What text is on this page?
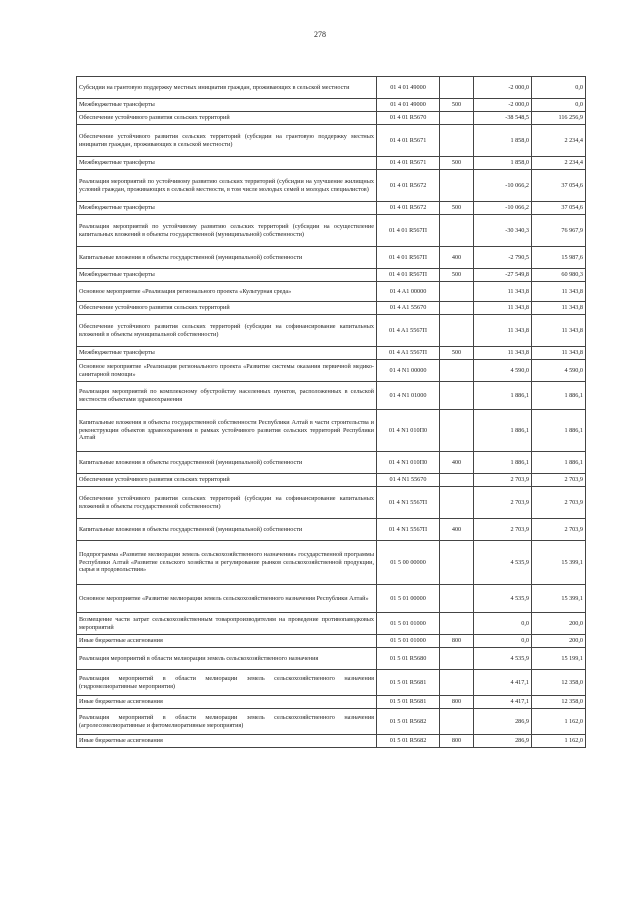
278
Субсидии на грантовую поддержку местных инициатив граждан, проживающих в сельской местности	01 4 01 49000		-2 000,0	0,0
Межбюджетные трансферты	01 4 01 49000	500	-2 000,0	0,0
Обеспечение устойчивого развития сельских территорий	01 4 01 R5670		-38 548,5	116 256,9
Обеспечение устойчивого развития сельских территорий (субсидии на грантовую поддержку местных инициатив граждан, проживающих в сельской местности)	01 4 01 R5671		1 858,0	2 234,4
Межбюджетные трансферты	01 4 01 R5671	500	1 858,0	2 234,4
Реализация мероприятий по устойчивому развитию сельских территорий (субсидии на улучшение жилищных условий граждан, проживающих в сельской местности, в том числе молодых семей и молодых специалистов)	01 4 01 R5672		-10 066,2	37 054,6
Межбюджетные трансферты	01 4 01 R5672	500	-10 066,2	37 054,6
Реализация мероприятий по устойчивому развитию сельских территорий (субсидии на осуществление капитальных вложений в объекты государственной (муниципальной) собственности)	01 4 01 R567П		-30 340,3	76 967,9
Капитальные вложения в объекты государственной (муниципальной) собственности	01 4 01 R567П	400	-2 790,5	15 987,6
Межбюджетные трансферты	01 4 01 R567П	500	-27 549,8	60 980,3
Основное мероприятие «Реализация регионального проекта «Культурная среда»	01 4 A1 00000		11 343,8	11 343,8
Обеспечение устойчивого развития сельских территорий	01 4 A1 55670		11 343,8	11 343,8
Обеспечение устойчивого развития сельских территорий (субсидии на софинансирование капитальных вложений в объекты муниципальной собственности)	01 4 A1 5567П		11 343,8	11 343,8
Межбюджетные трансферты	01 4 A1 5567П	500	11 343,8	11 343,8
Основное мероприятие «Реализация регионального проекта «Развитие системы оказания первичной медико-санитарной помощи»	01 4 N1 00000		4 590,0	4 590,0
Реализация мероприятий по комплексному обустройству населенных пунктов, расположенных в сельской местности объектами здравоохранения	01 4 N1 01000		1 886,1	1 886,1
Капитальные вложения в объекты государственной собственности Республики Алтай в части строительства и реконструкции объектов здравоохранения в рамках устойчивого развития сельских территорий Республики Алтай	01 4 N1 010П0		1 886,1	1 886,1
Капитальные вложения в объекты государственной (муниципальной) собственности	01 4 N1 010П0	400	1 886,1	1 886,1
Обеспечение устойчивого развития сельских территорий	01 4 N1 55670		2 703,9	2 703,9
Обеспечение устойчивого развития сельских территорий (субсидии на софинансирование капитальных вложений в объекты государственной собственности)	01 4 N1 5567П		2 703,9	2 703,9
Капитальные вложения в объекты государственной (муниципальной) собственности	01 4 N1 5567П	400	2 703,9	2 703,9
Подпрограмма «Развитие мелиорации земель сельскохозяйственного назначения» государственной программы Республики Алтай «Развитие сельского хозяйства и регулирование рынков сельскохозяйственной продукции, сырья и продовольствия»	01 5 00 00000		4 535,9	15 399,1
Основное мероприятие «Развитие мелиорации земель сельскохозяйственного назначения Республики Алтай»	01 5 01 00000		4 535,9	15 399,1
Возмещение части затрат сельскохозяйственным товаропроизводителям на проведение противопаводковых мероприятий	01 5 01 01000		0,0	200,0
Иные бюджетные ассигнования	01 5 01 01000	800	0,0	200,0
Реализация мероприятий в области мелиорации земель сельскохозяйственного назначения	01 5 01 R5680		4 535,9	15 199,1
Реализация мероприятий в области мелиорации земель сельскохозяйственного назначения (гидромелиоративные мероприятия)	01 5 01 R5681		4 417,1	12 358,0
Иные бюджетные ассигнования	01 5 01 R5681	800	4 417,1	12 358,0
Реализация мероприятий в области мелиорации земель сельскохозяйственного назначения (агролесомелиоративные и фитомелиоративные мероприятия)	01 5 01 R5682		286,9	1 162,0
Иные бюджетные ассигнования	01 5 01 R5682	800	286,9	1 162,0
